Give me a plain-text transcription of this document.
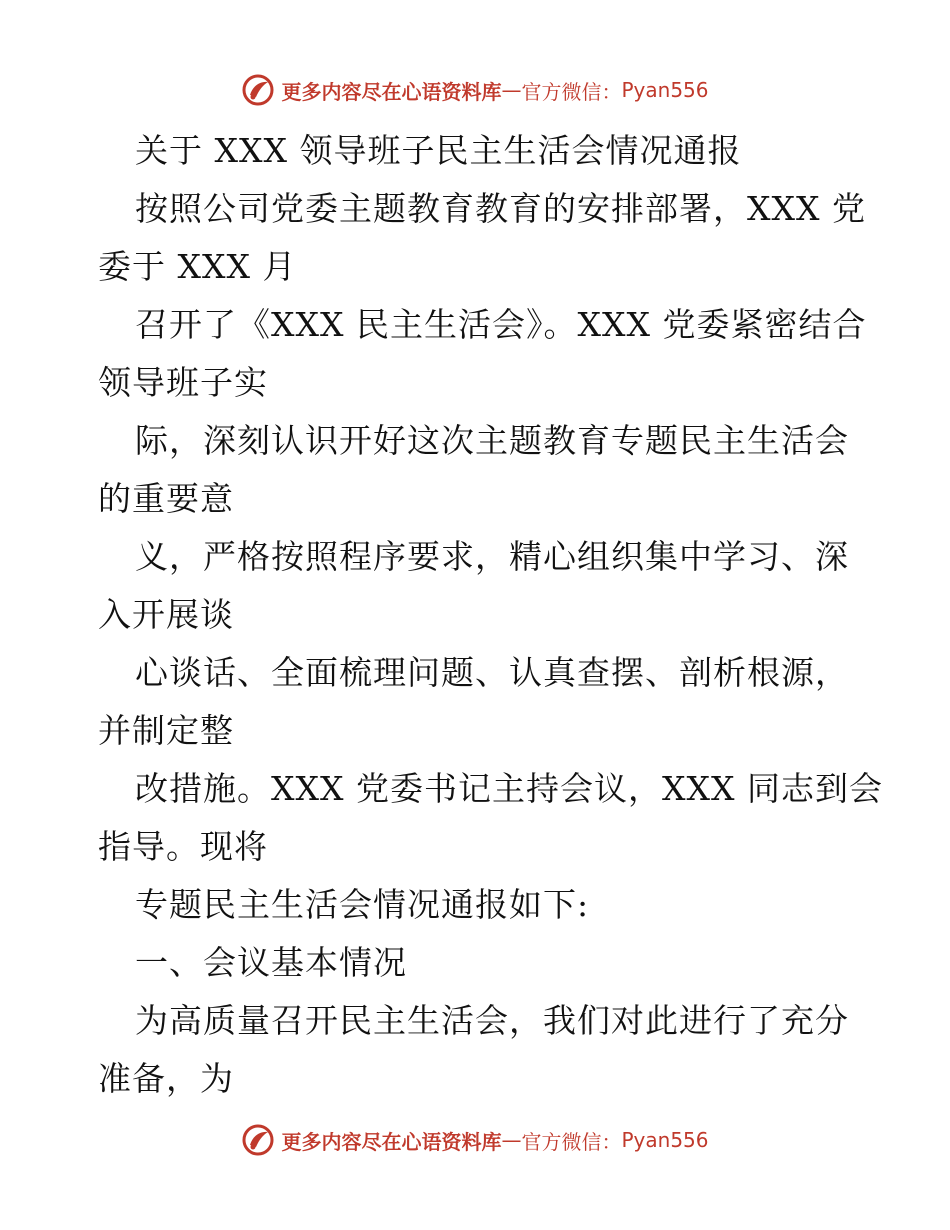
更多内容尽在心语资料库 — 官方微信： Pyan556
关于 XXX 领导班子民主生活会情况通报
按照公司党委主题教育教育的安排部署，XXX 党
委于 XXX 月
召开了《XXX 民主生活会》。XXX 党委紧密结合
领导班子实
际，深刻认识开好这次主题教育专题民主生活会
的重要意
义，严格按照程序要求，精心组织集中学习、深
入开展谈
心谈话、全面梳理问题、认真查摆、剖析根源，
并制定整
改措施。XXX 党委书记主持会议，XXX 同志到会
指导。现将
专题民主生活会情况通报如下:
一、会议基本情况
为高质量召开民主生活会，我们对此进行了充分
准备，为
更多内容尽在心语资料库 — 官方微信： Pyan556
